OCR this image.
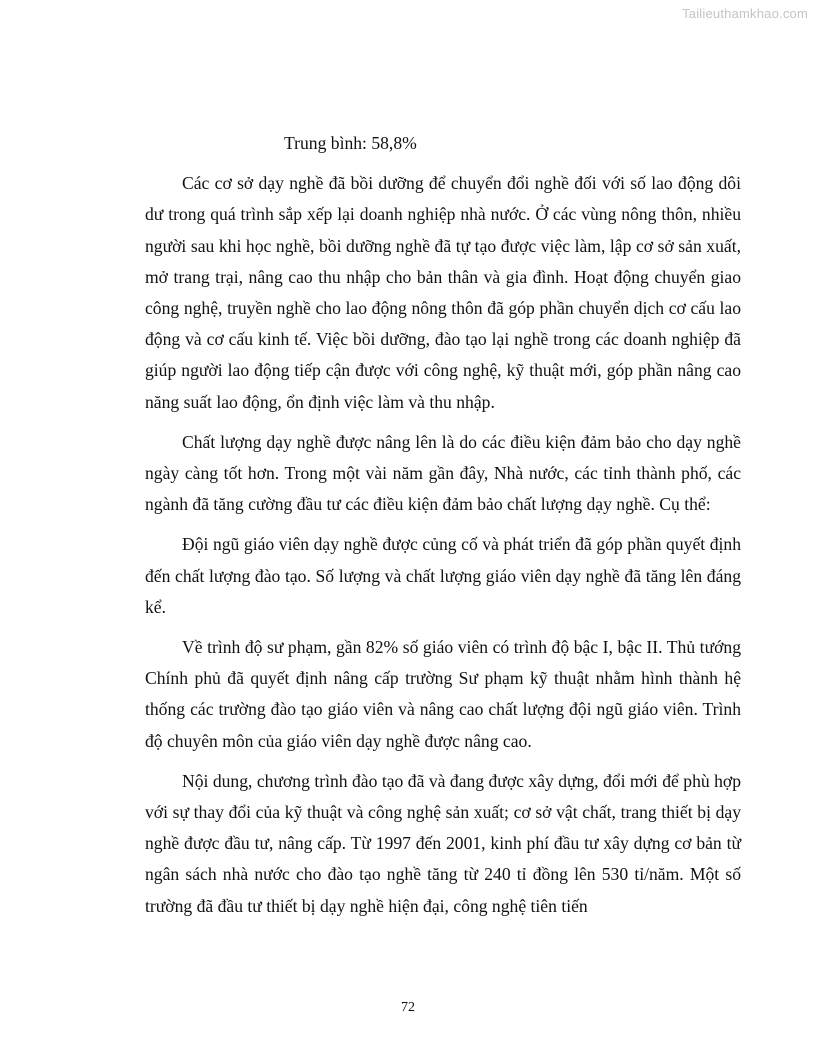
Tailieuthamkhao.com

Trung bình: 58,8%

Các cơ sở dạy nghề đã bồi dưỡng để chuyển đổi nghề đối với số lao động dôi dư trong quá trình sắp xếp lại doanh nghiệp nhà nước. Ở các vùng nông thôn, nhiều người sau khi học nghề, bồi dưỡng nghề đã tự tạo được việc làm, lập cơ sở sản xuất, mở trang trại, nâng cao thu nhập cho bản thân và gia đình. Hoạt động chuyển giao công nghệ, truyền nghề cho lao động nông thôn đã góp phần chuyển dịch cơ cấu lao động và cơ cấu kinh tế. Việc bồi dưỡng, đào tạo lại nghề trong các doanh nghiệp đã giúp người lao động tiếp cận được với công nghệ, kỹ thuật mới, góp phần nâng cao năng suất lao động, ổn định việc làm và thu nhập.

Chất lượng dạy nghề được nâng lên là do các điều kiện đảm bảo cho dạy nghề ngày càng tốt hơn. Trong một vài năm gần đây, Nhà nước, các tỉnh thành phố, các ngành đã tăng cường đầu tư các điều kiện đảm bảo chất lượng dạy nghề. Cụ thể:

Đội ngũ giáo viên dạy nghề được củng cố và phát triển đã góp phần quyết định đến chất lượng đào tạo. Số lượng và chất lượng giáo viên dạy nghề đã tăng lên đáng kể.

Về trình độ sư phạm, gần 82% số giáo viên có trình độ bậc I, bậc II. Thủ tướng Chính phủ đã quyết định nâng cấp trường Sư phạm kỹ thuật nhằm hình thành hệ thống các trường đào tạo giáo viên và nâng cao chất lượng đội ngũ giáo viên. Trình độ chuyên môn của giáo viên dạy nghề được nâng cao.

Nội dung, chương trình đào tạo đã và đang được xây dựng, đổi mới để phù hợp với sự thay đổi của kỹ thuật và công nghệ sản xuất; cơ sở vật chất, trang thiết bị dạy nghề được đầu tư, nâng cấp. Từ 1997 đến 2001, kinh phí đầu tư xây dựng cơ bản từ ngân sách nhà nước cho đào tạo nghề tăng từ 240 tỉ đồng lên 530 tỉ/năm. Một số trường đã đầu tư thiết bị dạy nghề hiện đại, công nghệ tiên tiến

72
